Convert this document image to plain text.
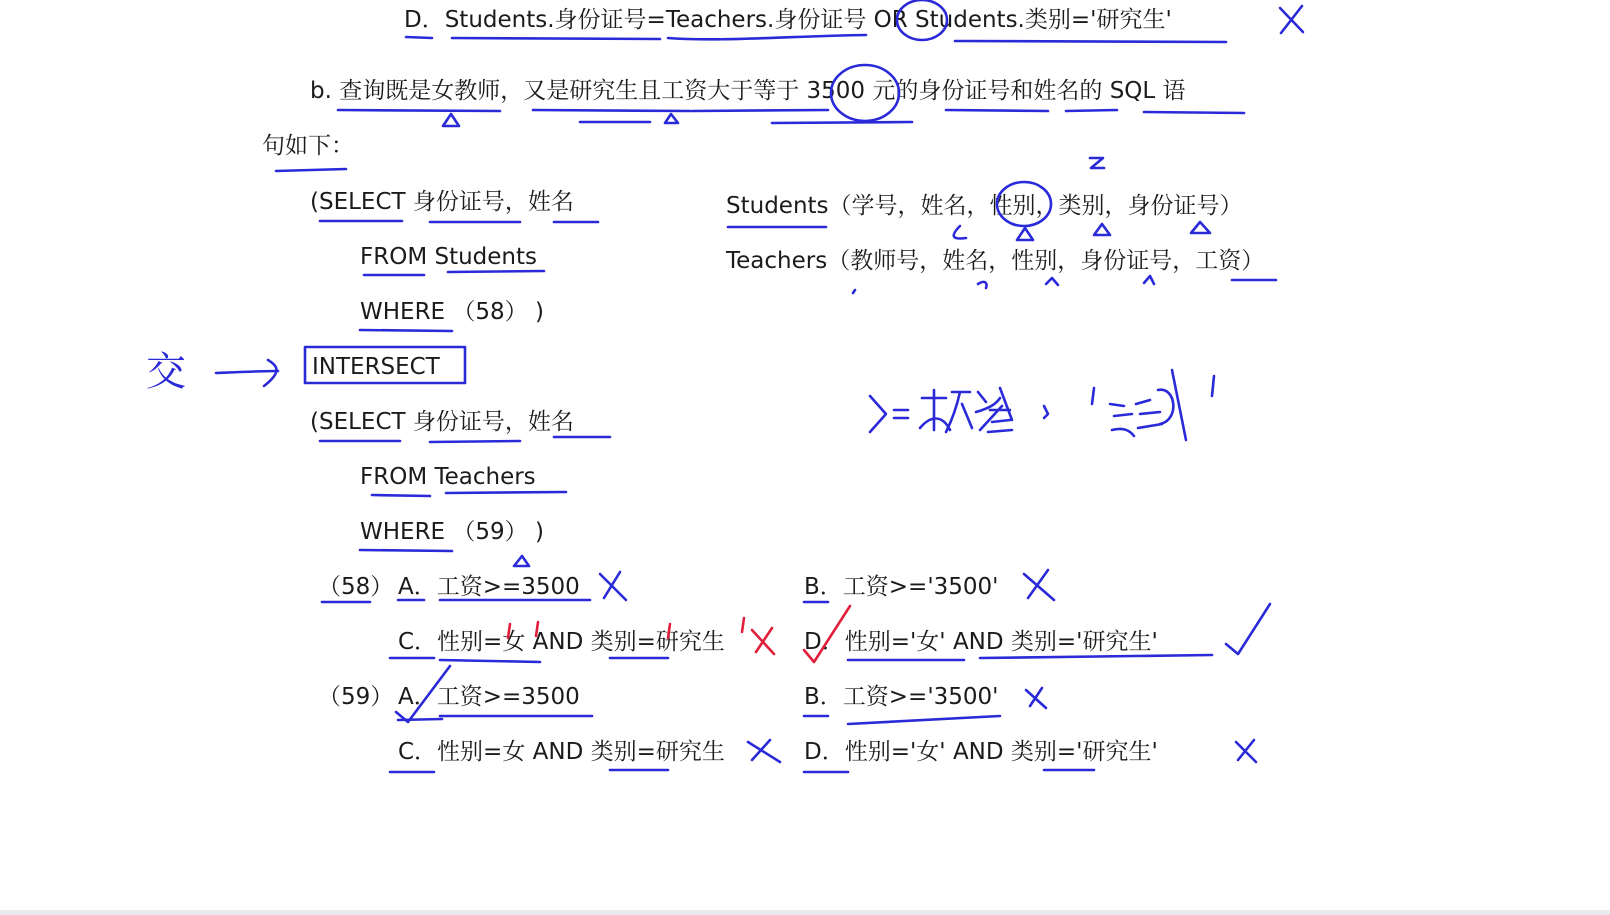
D．Students.身份证号=Teachers.身份证号 OR Students.类别='研究生'
b. 查询既是女教师，又是研究生且工资大于等于 3500 元的身份证号和姓名的 SQL 语
句如下：
(SELECT 身份证号，姓名
FROM Students
WHERE （58） )
INTERSECT
(SELECT 身份证号，姓名
FROM Teachers
WHERE （59） )
Students（学号，姓名，性别，类别，身份证号）
Teachers（教师号，姓名，性别，身份证号，工资）
（58） A．工资>=3500	B．工资>='3500'
C．性别=女 AND 类别=研究生	D．性别='女' AND 类别='研究生'
（59） A．工资>=3500	B．工资>='3500'
C．性别=女 AND 类别=研究生	D．性别='女' AND 类别='研究生'
交
